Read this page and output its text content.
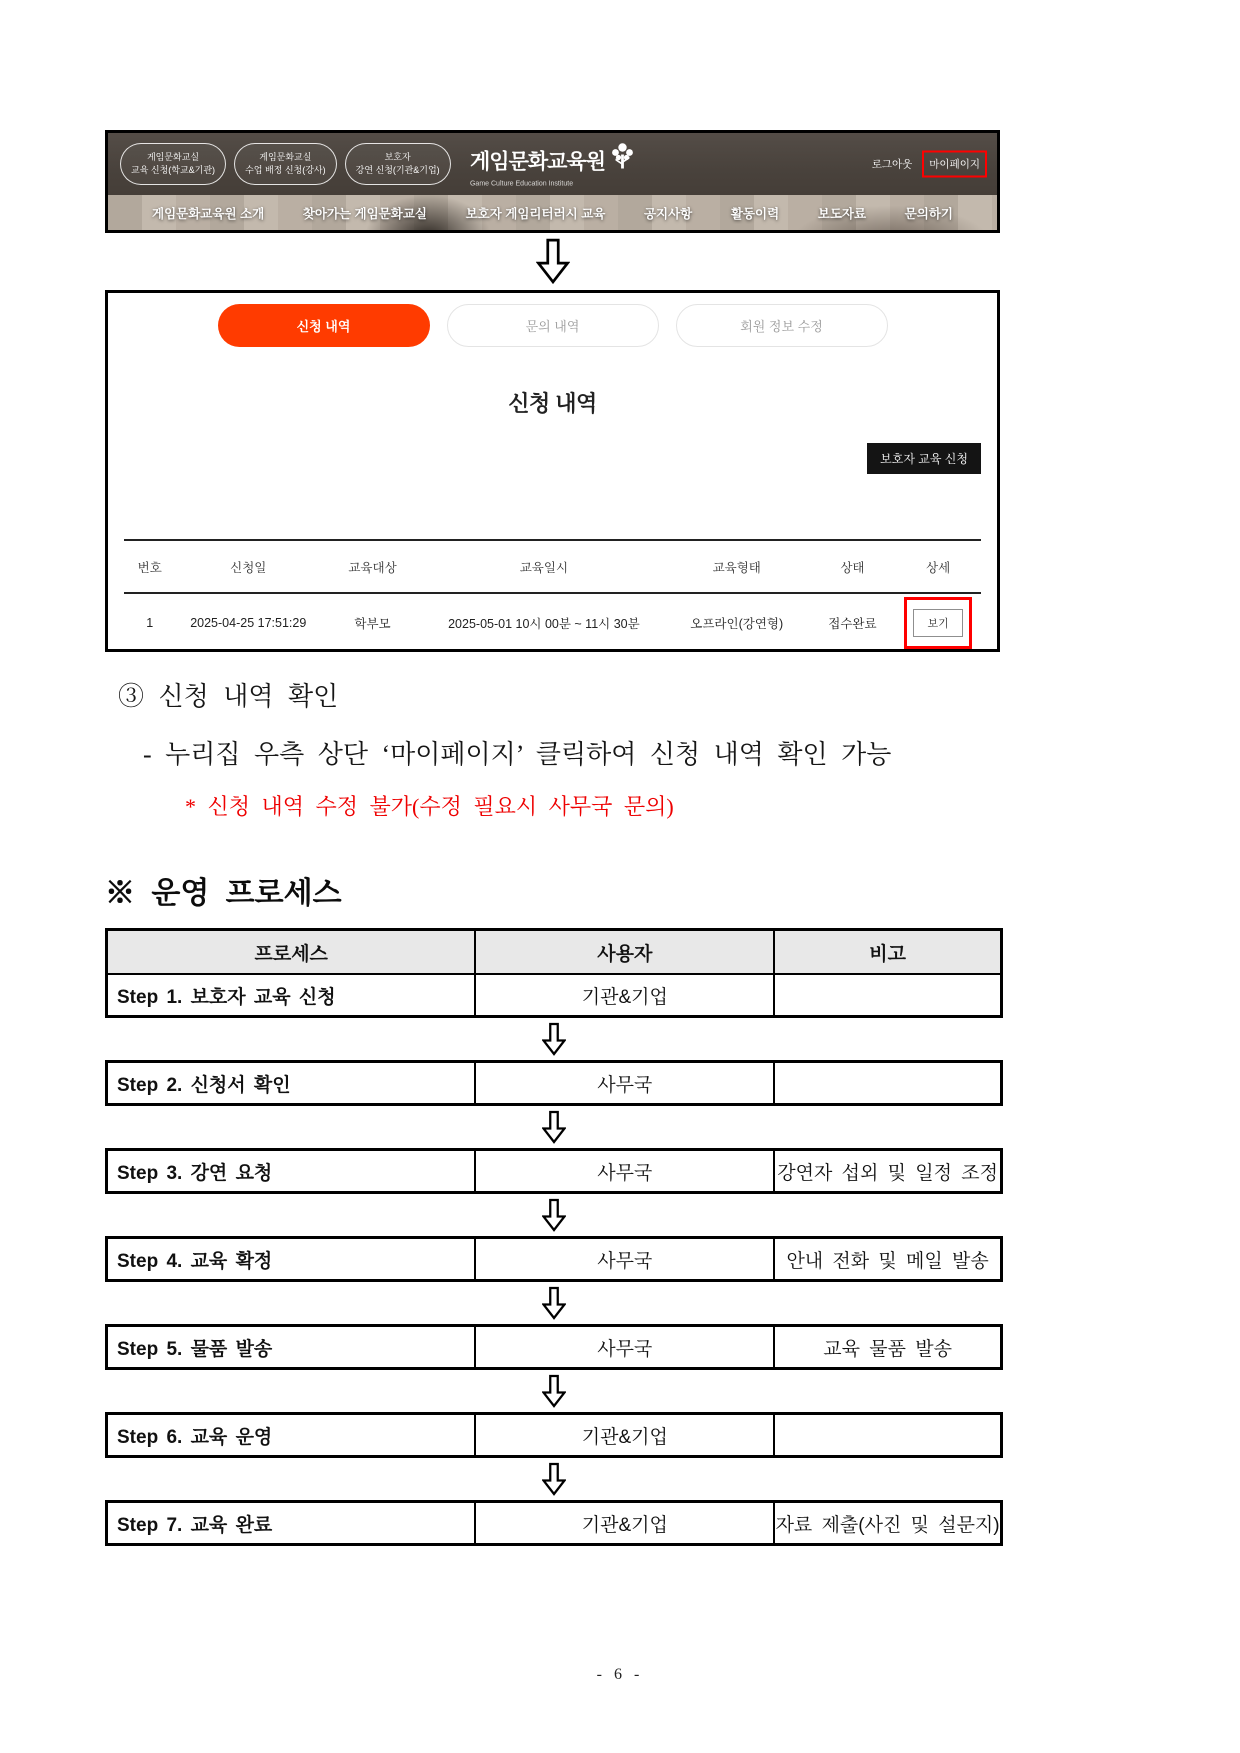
게임문화교실
교육 신청(학교&기관)
게임문화교실
수업 배정 신청(강사)
보호자
강연 신청(기관&기업) 게임문화교육원
Game Culture Education Institute
로그아웃	마이페이지
게임문화교육원 소개	찾아가는 게임문화교실	보호자 게임리터러시 교육	공지사항	활동이력	보도자료	문의하기
신청 내역	문의 내역	회원 정보 수정
신청 내역
보호자 교육 신청
번호	신청일	교육대상	교육일시	교육형태	상태	상세
1	2025-04-25 17:51:29	학부모	2025-05-01 10시 00분 ~ 11시 30분	오프라인(강연형)	접수완료	보기
③ 신청 내역 확인
- 누리집 우측 상단 ‘마이페이지’ 클릭하여 신청 내역 확인 가능
* 신청 내역 수정 불가(수정 필요시 사무국 문의)
※ 운영 프로세스
프로세스	사용자	비고
Step 1. 보호자 교육 신청	기관&기업
Step 2. 신청서 확인	사무국
Step 3. 강연 요청	사무국	강연자 섭외 및 일정 조정
Step 4. 교육 확정	사무국	안내 전화 및 메일 발송
Step 5. 물품 발송	사무국	교육 물품 발송
Step 6. 교육 운영	기관&기업
Step 7. 교육 완료	기관&기업	자료 제출(사진 및 설문지)
- 6 -
